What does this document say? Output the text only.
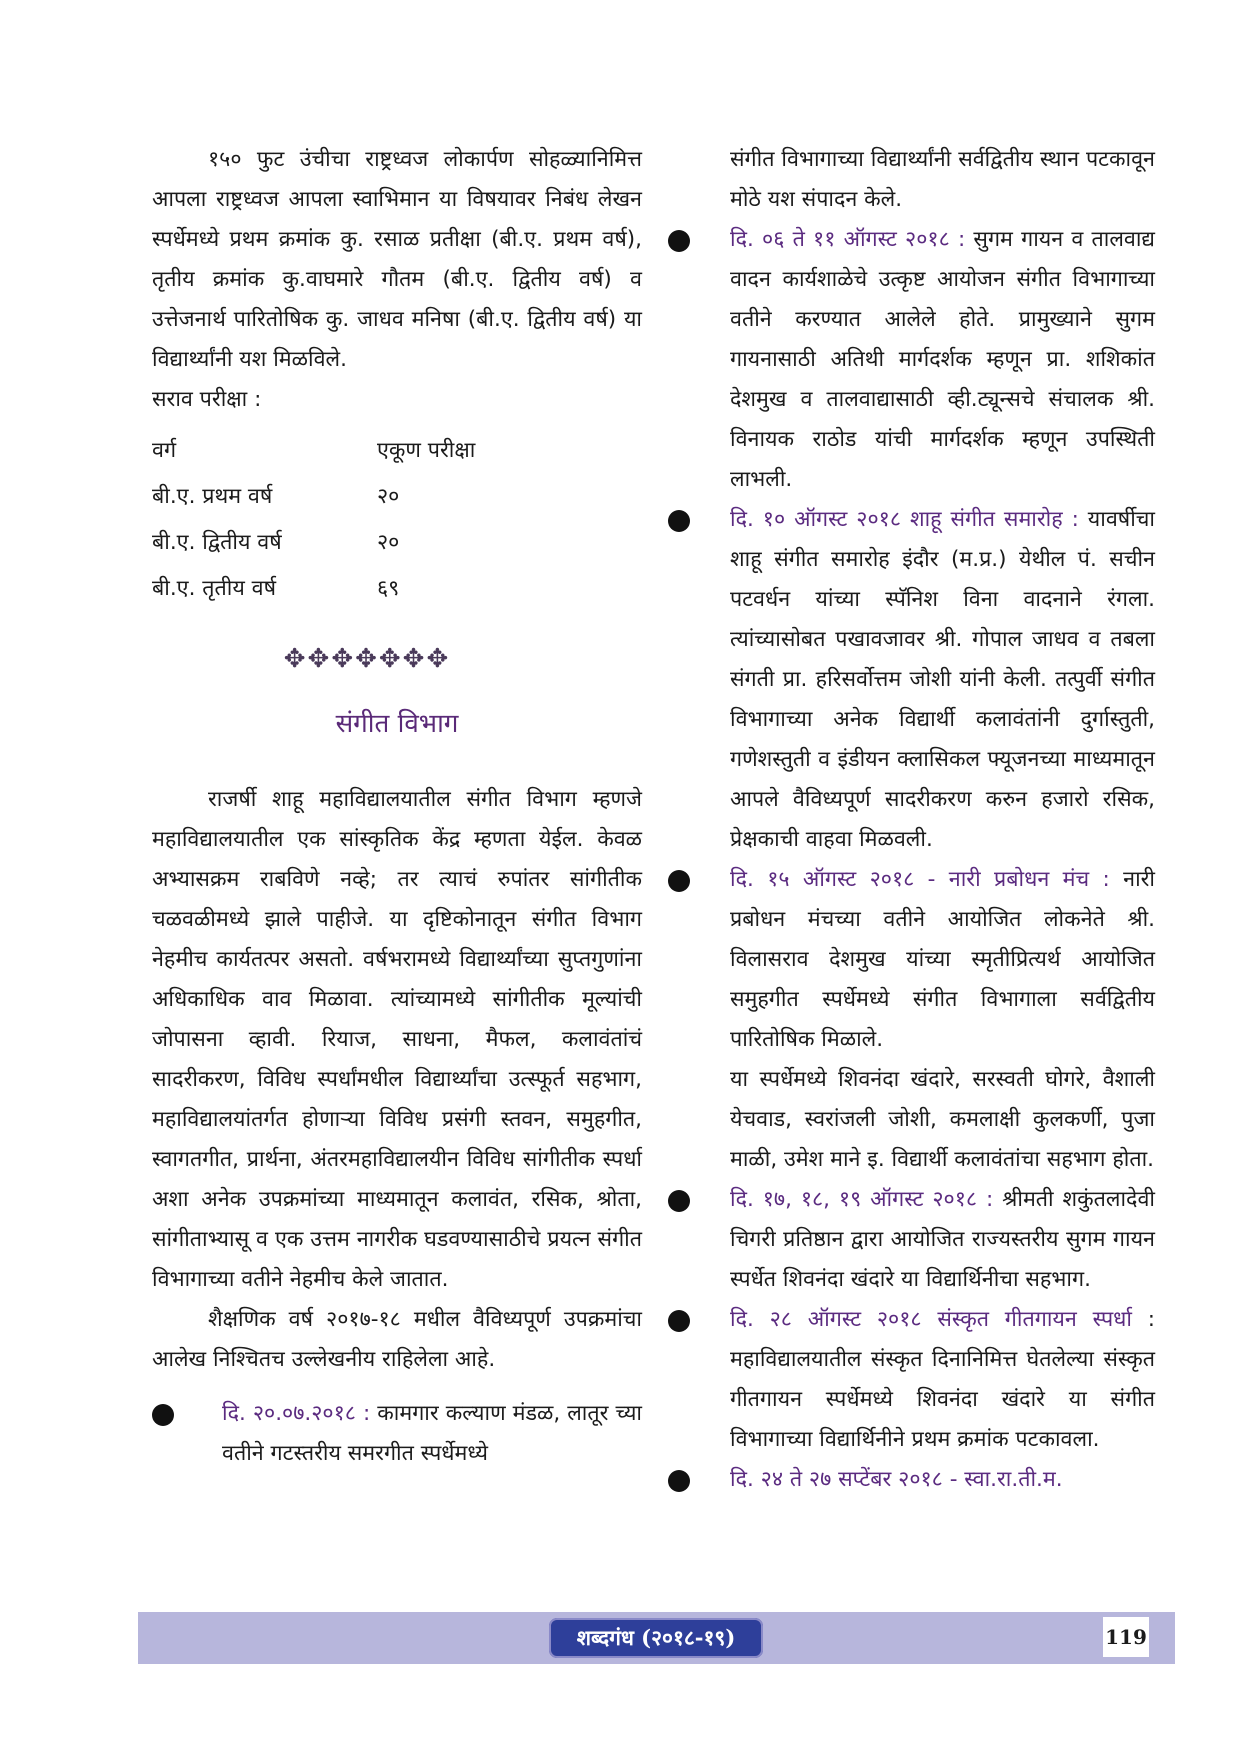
१५० फुट उंचीचा राष्ट्रध्वज लोकार्पण सोहळ्यानिमित्त आपला राष्ट्रध्वज आपला स्वाभिमान या विषयावर निबंध लेखन स्पर्धेमध्ये प्रथम क्रमांक कु. रसाळ प्रतीक्षा (बी.ए. प्रथम वर्ष), तृतीय क्रमांक कु.वाघमारे गौतम (बी.ए. द्वितीय वर्ष) व उत्तेजनार्थ पारितोषिक कु. जाधव मनिषा (बी.ए. द्वितीय वर्ष) या विद्यार्थ्यांनी यश मिळविले.

सराव परीक्षा :
वर्ग	एकूण परीक्षा
बी.ए. प्रथम वर्ष	२०
बी.ए. द्वितीय वर्ष	२०
बी.ए. तृतीय वर्ष	६९
✥✥✥✥✥✥✥
संगीत विभाग

राजर्षी शाहू महाविद्यालयातील संगीत विभाग म्हणजे महाविद्यालयातील एक सांस्कृतिक केंद्र म्हणता येईल. केवळ अभ्यासक्रम राबविणे नव्हे; तर त्याचं रुपांतर सांगीतीक चळवळीमध्ये झाले पाहीजे. या दृष्टिकोनातून संगीत विभाग नेहमीच कार्यतत्पर असतो. वर्षभरामध्ये विद्यार्थ्यांच्या सुप्तगुणांना अधिकाधिक वाव मिळावा. त्यांच्यामध्ये सांगीतीक मूल्यांची जोपासना व्हावी. रियाज, साधना, मैफल, कलावंतांचं सादरीकरण, विविध स्पर्धांमधील विद्यार्थ्यांचा उत्स्फूर्त सहभाग, महाविद्यालयांतर्गत होणाऱ्या विविध प्रसंगी स्तवन, समुहगीत, स्वागतगीत, प्रार्थना, अंतरमहाविद्यालयीन विविध सांगीतीक स्पर्धा अशा अनेक उपक्रमांच्या माध्यमातून कलावंत, रसिक, श्रोता, सांगीताभ्यासू व एक उत्तम नागरीक घडवण्यासाठीचे प्रयत्न संगीत विभागाच्या वतीने नेहमीच केले जातात.

शैक्षणिक वर्ष २०१७-१८ मधील वैविध्यपूर्ण उपक्रमांचा आलेख निश्चितच उल्लेखनीय राहिलेला आहे.

दि. २०.०७.२०१८ : कामगार कल्याण मंडळ, लातूर च्या वतीने गटस्तरीय समरगीत स्पर्धेमध्ये

संगीत विभागाच्या विद्यार्थ्यांनी सर्वद्वितीय स्थान पटकावून मोठे यश संपादन केले.

दि. ०६ ते ११ ऑगस्ट २०१८ : सुगम गायन व तालवाद्य वादन कार्यशाळेचे उत्कृष्ट आयोजन संगीत विभागाच्या वतीने करण्यात आलेले होते. प्रामुख्याने सुगम गायनासाठी अतिथी मार्गदर्शक म्हणून प्रा. शशिकांत देशमुख व तालवाद्यासाठी व्ही.ट्यून्सचे संचालक श्री. विनायक राठोड यांची मार्गदर्शक म्हणून उपस्थिती लाभली.

दि. १० ऑगस्ट २०१८ शाहू संगीत समारोह : यावर्षीचा शाहू संगीत समारोह इंदौर (म.प्र.) येथील पं. सचीन पटवर्धन यांच्या स्पॅनिश विना वादनाने रंगला. त्यांच्यासोबत पखावजावर श्री. गोपाल जाधव व तबला संगती प्रा. हरिसर्वोत्तम जोशी यांनी केली. तत्पुर्वी संगीत विभागाच्या अनेक विद्यार्थी कलावंतांनी दुर्गास्तुती, गणेशस्तुती व इंडीयन क्लासिकल फ्यूजनच्या माध्यमातून आपले वैविध्यपूर्ण सादरीकरण करुन हजारो रसिक, प्रेक्षकाची वाहवा मिळवली.

दि. १५ ऑगस्ट २०१८ - नारी प्रबोधन मंच : नारी प्रबोधन मंचच्या वतीने आयोजित लोकनेते श्री. विलासराव देशमुख यांच्या स्मृतीप्रित्यर्थ आयोजित समुहगीत स्पर्धेमध्ये संगीत विभागाला सर्वद्वितीय पारितोषिक मिळाले.

या स्पर्धेमध्ये शिवनंदा खंदारे, सरस्वती घोगरे, वैशाली येचवाड, स्वरांजली जोशी, कमलाक्षी कुलकर्णी, पुजा माळी, उमेश माने इ. विद्यार्थी कलावंतांचा सहभाग होता.

दि. १७, १८, १९ ऑगस्ट २०१८ : श्रीमती शकुंतलादेवी चिगरी प्रतिष्ठान द्वारा आयोजित राज्यस्तरीय सुगम गायन स्पर्धेत शिवनंदा खंदारे या विद्यार्थिनीचा सहभाग.

दि. २८ ऑगस्ट २०१८ संस्कृत गीतगायन स्पर्धा : महाविद्यालयातील संस्कृत दिनानिमित्त घेतलेल्या संस्कृत गीतगायन स्पर्धेमध्ये शिवनंदा खंदारे या संगीत विभागाच्या विद्यार्थिनीने प्रथम क्रमांक पटकावला.

दि. २४ ते २७ सप्टेंबर २०१८ - स्वा.रा.ती.म.

शब्दगंध (२०१८-१९)	119
